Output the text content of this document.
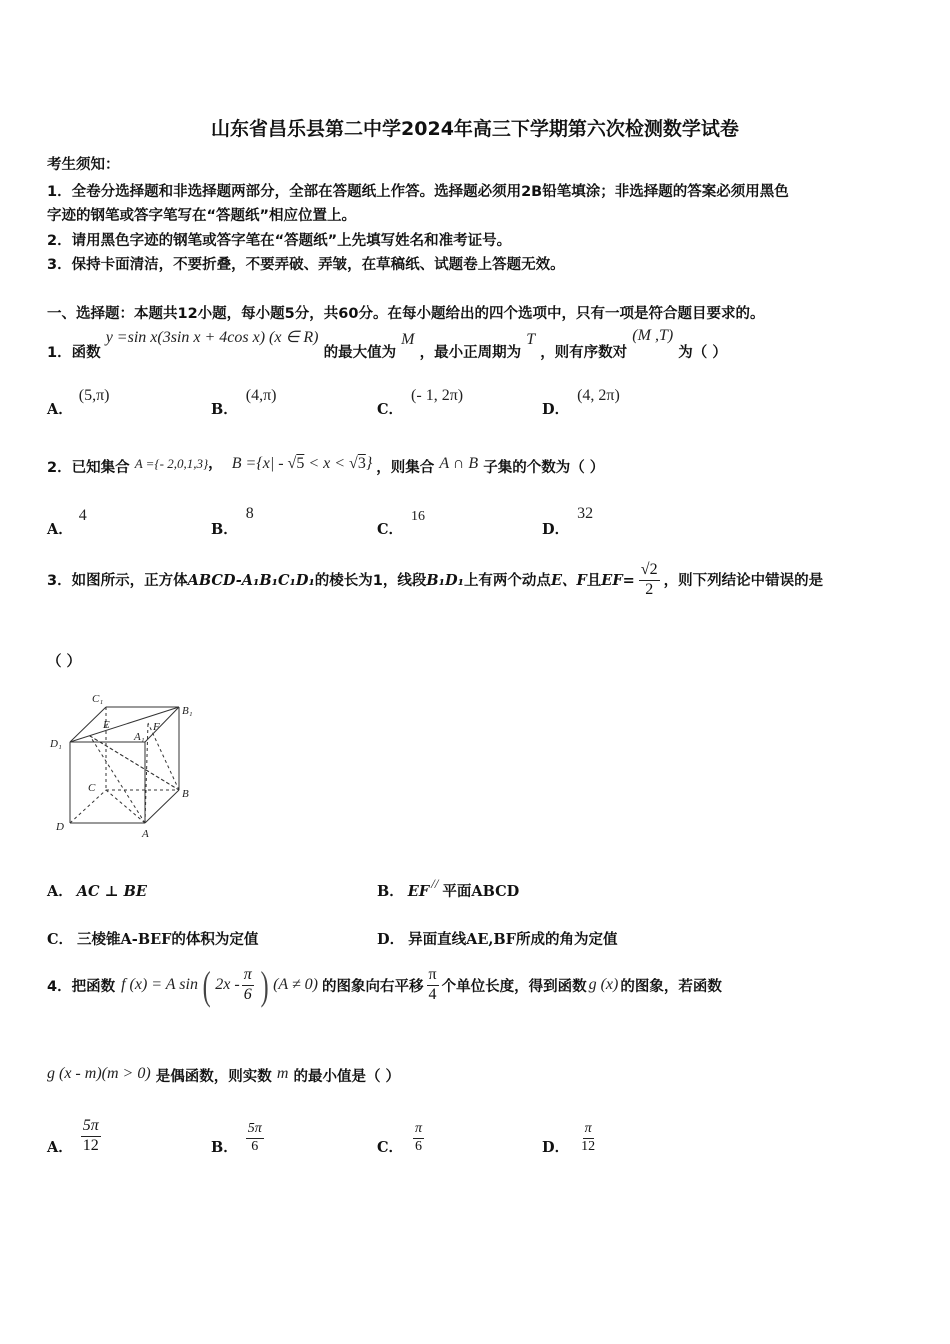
山东省昌乐县第二中学2024年高三下学期第六次检测数学试卷
考生须知：
1．全卷分选择题和非选择题两部分，全部在答题纸上作答。选择题必须用2B铅笔填涂；非选择题的答案必须用黑色
字迹的钢笔或答字笔写在“答题纸”相应位置上。
2．请用黑色字迹的钢笔或答字笔在“答题纸”上先填写姓名和准考证号。
3．保持卡面清洁，不要折叠，不要弄破、弄皱，在草稿纸、试题卷上答题无效。
一、选择题：本题共12小题，每小题5分，共60分。在每小题给出的四个选项中，只有一项是符合题目要求的。
1．函数 y =sin x(3sin x + 4cos x) (x ∈ R) 的最大值为 M ，最小正周期为 T ，则有序数对 (M ,T) 为（ ）
A．(5,π)
B．(4,π)
C．(- 1, 2π)
D．(4, 2π)
2．已知集合 A ={- 2,0,1,3}， B ={x| - √5 < x < √3} ，则集合 A ∩ B 子集的个数为（ ）
A．4
B．8
C．16
D．32
3．如图所示，正方体ABCD-A₁B₁C₁D₁的棱长为1，线段B₁D₁上有两个动点E、F且$EF= \frac{√2}{2}$ ，则下列结论中错误的是
（ ）
C₁
B₁
D₁
E	F
A₁
C	B
D
A
A． AC ⊥ BE	B． EF // 平面ABCD
C． 三棱锥A-BEF的体积为定值	D． 异面直线AE,BF所成的角为定值
4．把函数 f (x) = A sin ( $2x - \frac{\pi}{6}$ ) (A ≠ 0) 的图象向右平移 $\frac{\pi}{4}$ 个单位长度，得到函数 g (x) 的图象，若函数
g (x - m)(m > 0) 是偶函数，则实数 m 的最小值是（ ）
A． $\frac{5\pi}{12}$	B． $\frac{5\pi}{6}$	C． $\frac{\pi}{6}$	D． $\frac{\pi}{12}$
